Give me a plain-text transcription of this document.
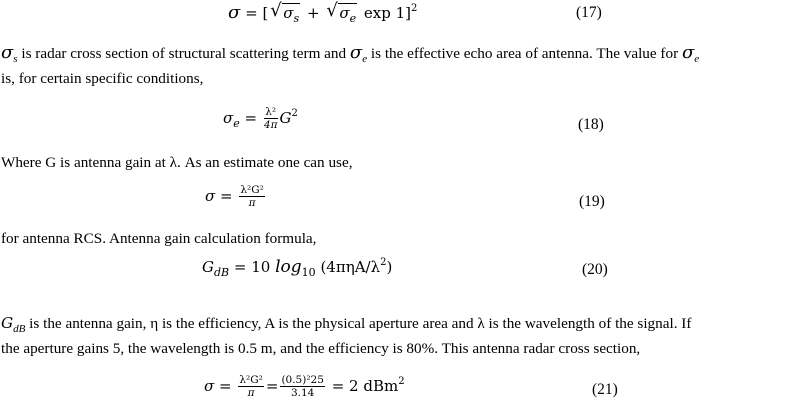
σ = [ √ $\sigma_s$ + √ $\sigma_e$ exp 1]$^2$	(17)
$\sigma_s$ is radar cross section of structural scattering term and $\sigma_e$ is the effective echo area of antenna. The value for $\sigma_e$
is, for certain specific conditions,
$\sigma_e = \frac{\text{λ²}}{4\pi} G^2$
(18)
Where G is antenna gain at λ. As an estimate one can use,
$\sigma = \frac{\text{λ²G²}}{\pi}$	(19)
for antenna RCS. Antenna gain calculation formula,
$G_{dB} = 10$ $\log_{10} (4\pi\eta A/\lambda^2)$	(20)
$G_{dB}$ is the antenna gain, η is the efficiency, A is the physical aperture area and λ is the wavelength of the signal. If
the aperture gains 5, the wavelength is 0.5 m, and the efficiency is 80%. This antenna radar cross section,
$\sigma = \frac{\text{λ²G²}}{\pi} = \frac{\text{(0.5)²25}}{3.14} = 2$ dBm$^2$	(21)
